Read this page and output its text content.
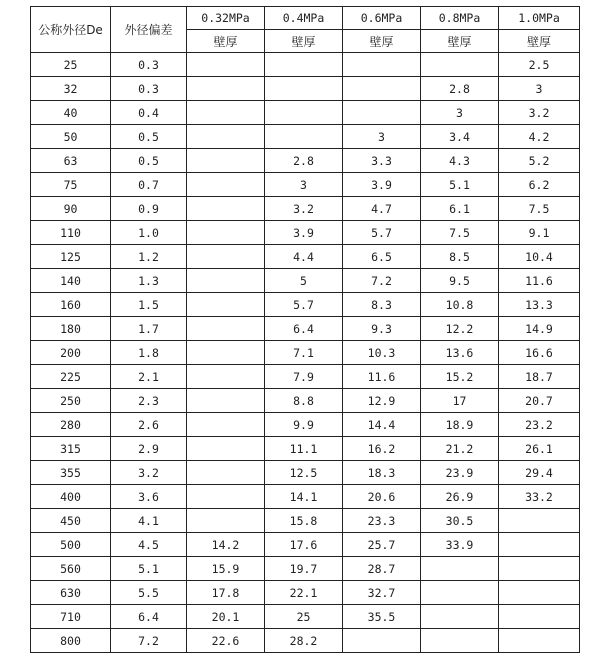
公称外径De	外径偏差	0.32MPa	0.4MPa	0.6MPa	0.8MPa	1.0MPa
		壁厚	壁厚	壁厚	壁厚	壁厚
25	0.3					2.5
32	0.3				2.8	3
40	0.4				3	3.2
50	0.5			3	3.4	4.2
63	0.5		2.8	3.3	4.3	5.2
75	0.7		3	3.9	5.1	6.2
90	0.9		3.2	4.7	6.1	7.5
110	1.0		3.9	5.7	7.5	9.1
125	1.2		4.4	6.5	8.5	10.4
140	1.3		5	7.2	9.5	11.6
160	1.5		5.7	8.3	10.8	13.3
180	1.7		6.4	9.3	12.2	14.9
200	1.8		7.1	10.3	13.6	16.6
225	2.1		7.9	11.6	15.2	18.7
250	2.3		8.8	12.9	17	20.7
280	2.6		9.9	14.4	18.9	23.2
315	2.9		11.1	16.2	21.2	26.1
355	3.2		12.5	18.3	23.9	29.4
400	3.6		14.1	20.6	26.9	33.2
450	4.1		15.8	23.3	30.5	
500	4.5	14.2	17.6	25.7	33.9	
560	5.1	15.9	19.7	28.7		
630	5.5	17.8	22.1	32.7		
710	6.4	20.1	25	35.5		
800	7.2	22.6	28.2			
